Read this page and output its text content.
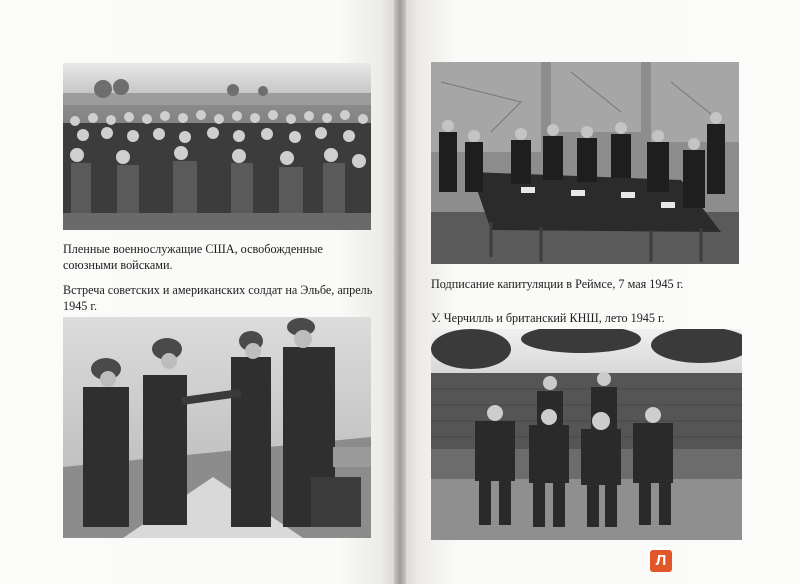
Пленные военнослужащие США, освобожденные союзными войсками.
Встреча советских и американских солдат на Эльбе, апрель 1945 г.
Подписание капитуляции в Реймсе, 7 мая 1945 г.
У. Черчилль и британский КНШ, лето 1945 г.
Л
